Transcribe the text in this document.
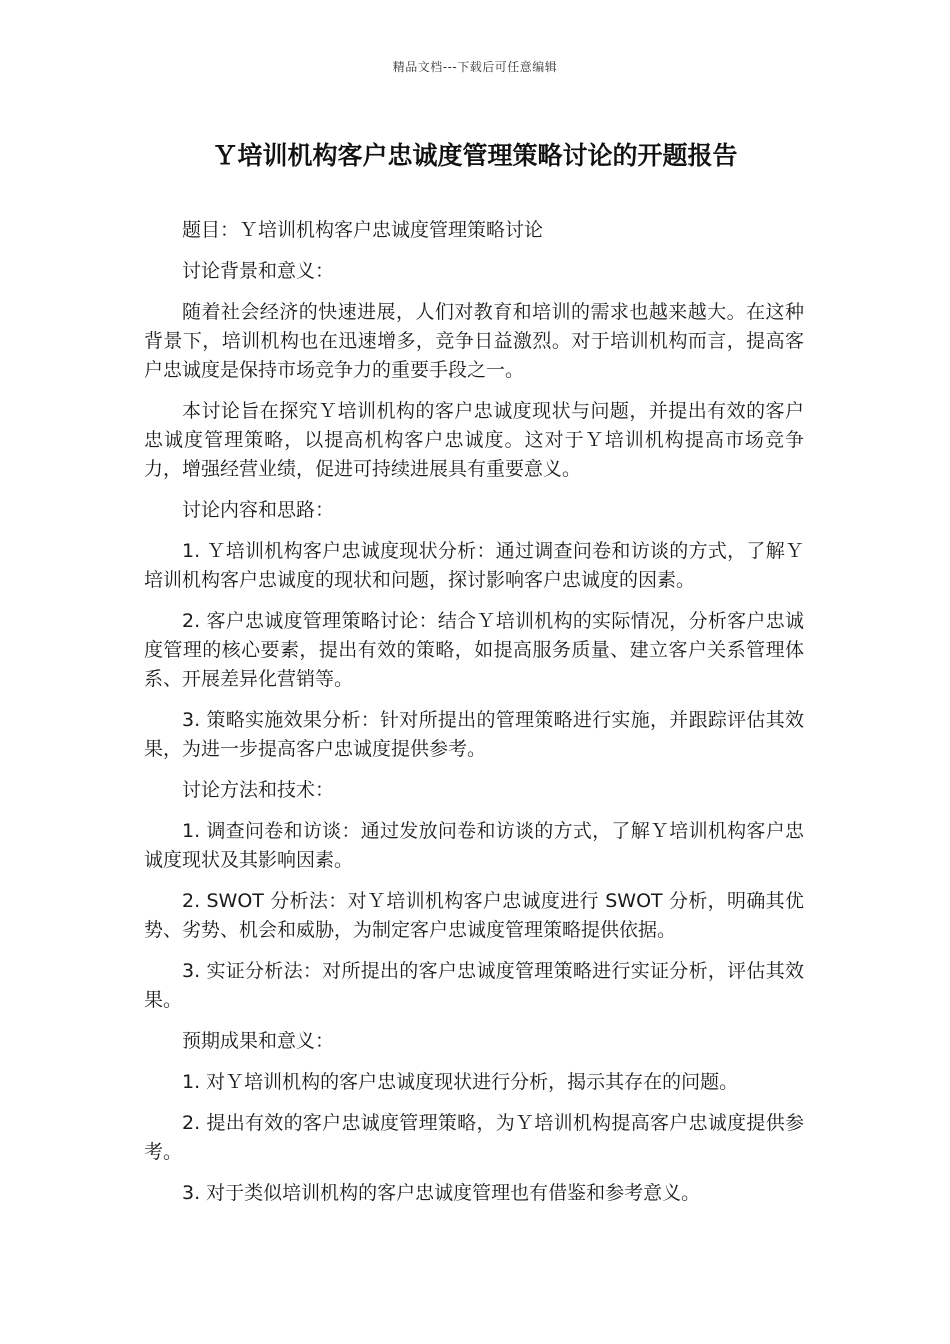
精品文档---下载后可任意编辑
Ｙ培训机构客户忠诚度管理策略讨论的开题报告

题目：Ｙ培训机构客户忠诚度管理策略讨论

讨论背景和意义：

随着社会经济的快速进展，人们对教育和培训的需求也越来越大。在这种背景下，培训机构也在迅速增多，竞争日益激烈。对于培训机构而言，提高客户忠诚度是保持市场竞争力的重要手段之一。

本讨论旨在探究Ｙ培训机构的客户忠诚度现状与问题，并提出有效的客户忠诚度管理策略，以提高机构客户忠诚度。这对于Ｙ培训机构提高市场竞争力，增强经营业绩，促进可持续进展具有重要意义。

讨论内容和思路：

1. Ｙ培训机构客户忠诚度现状分析：通过调查问卷和访谈的方式，了解Ｙ培训机构客户忠诚度的现状和问题，探讨影响客户忠诚度的因素。

2. 客户忠诚度管理策略讨论：结合Ｙ培训机构的实际情况，分析客户忠诚度管理的核心要素，提出有效的策略，如提高服务质量、建立客户关系管理体系、开展差异化营销等。

3. 策略实施效果分析：针对所提出的管理策略进行实施，并跟踪评估其效果，为进一步提高客户忠诚度提供参考。

讨论方法和技术：

1. 调查问卷和访谈：通过发放问卷和访谈的方式，了解Ｙ培训机构客户忠诚度现状及其影响因素。

2. SWOT 分析法：对Ｙ培训机构客户忠诚度进行 SWOT 分析，明确其优势、劣势、机会和威胁，为制定客户忠诚度管理策略提供依据。

3. 实证分析法：对所提出的客户忠诚度管理策略进行实证分析，评估其效果。

预期成果和意义：

1. 对Ｙ培训机构的客户忠诚度现状进行分析，揭示其存在的问题。

2. 提出有效的客户忠诚度管理策略，为Ｙ培训机构提高客户忠诚度提供参考。

3. 对于类似培训机构的客户忠诚度管理也有借鉴和参考意义。
